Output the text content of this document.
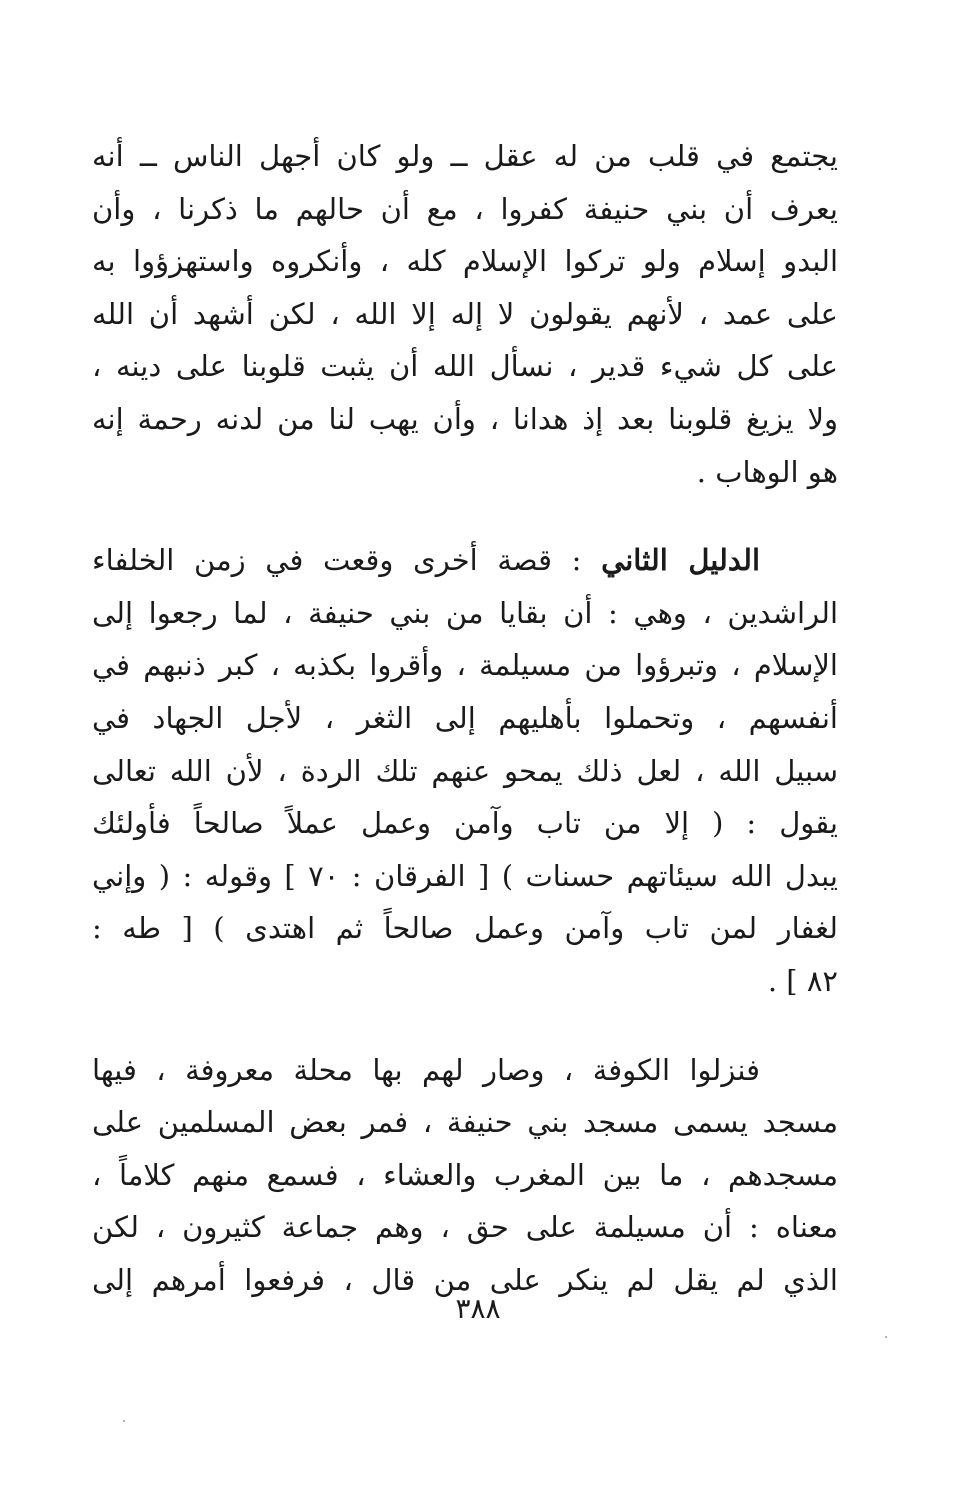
يجتمع في قلب من له عقل ــ ولو كان أجهل الناس ــ أنه
يعرف أن بني حنيفة كفروا ، مع أن حالهم ما ذكرنا ، وأن
البدو إسلام ولو تركوا الإسلام كله ، وأنكروه واستهزؤوا به
على عمد ، لأنهم يقولون لا إله إلا الله ، لكن أشهد أن الله
على كل شيء قدير ، نسأل الله أن يثبت قلوبنا على دينه ،
ولا يزيغ قلوبنا بعد إذ هدانا ، وأن يهب لنا من لدنه رحمة إنه
هو الوهاب .
الدليل الثاني : قصة أخرى وقعت في زمن الخلفاء
الراشدين ، وهي : أن بقايا من بني حنيفة ، لما رجعوا إلى
الإسلام ، وتبرؤوا من مسيلمة ، وأقروا بكذبه ، كبر ذنبهم في
أنفسهم ، وتحملوا بأهليهم إلى الثغر ، لأجل الجهاد في
سبيل الله ، لعل ذلك يمحو عنهم تلك الردة ، لأن الله تعالى
يقول : ( إلا من تاب وآمن وعمل عملاً صالحاً فأولئك
يبدل الله سيئاتهم حسنات ) [ الفرقان : ٧٠ ] وقوله : ( وإني
لغفار لمن تاب وآمن وعمل صالحاً ثم اهتدى ) [ طه :
٨٢ ] .
فنزلوا الكوفة ، وصار لهم بها محلة معروفة ، فيها
مسجد يسمى مسجد بني حنيفة ، فمر بعض المسلمين على
مسجدهم ، ما بين المغرب والعشاء ، فسمع منهم كلاماً ،
معناه : أن مسيلمة على حق ، وهم جماعة كثيرون ، لكن
الذي لم يقل لم ينكر على من قال ، فرفعوا أمرهم إلى
٣٨٨
